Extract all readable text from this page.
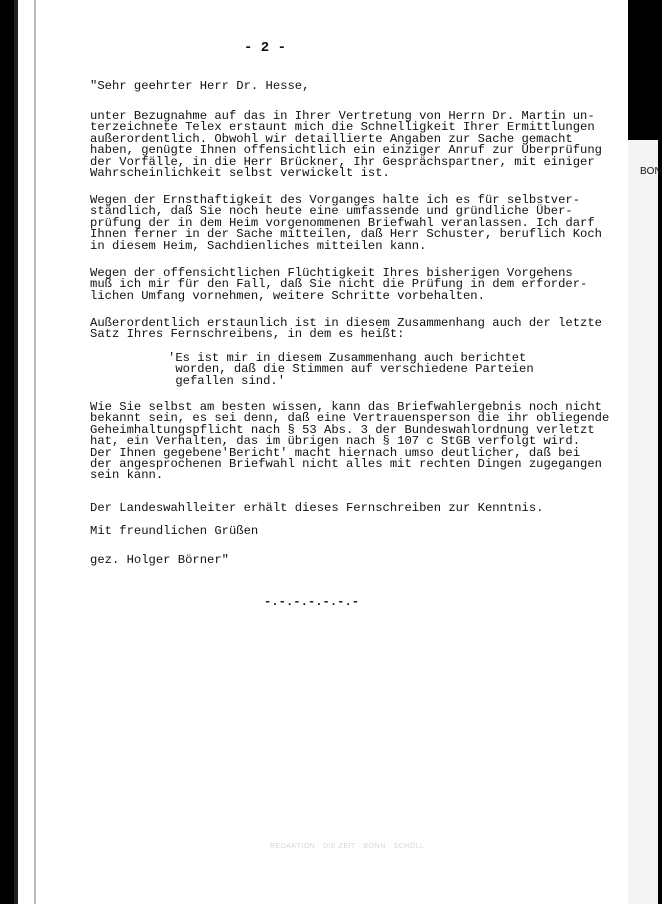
BON
- 2 -
"Sehr geehrter Herr Dr. Hesse,
unter Bezugnahme auf das in Ihrer Vertretung von Herrn Dr. Martin un-
terzeichnete Telex erstaunt mich die Schnelligkeit Ihrer Ermittlungen
außerordentlich. Obwohl wir detaillierte Angaben zur Sache gemacht
haben, genügte Ihnen offensichtlich ein einziger Anruf zur Überprüfung
der Vorfälle, in die Herr Brückner, Ihr Gesprächspartner, mit einiger
Wahrscheinlichkeit selbst verwickelt ist.
Wegen der Ernsthaftigkeit des Vorganges halte ich es für selbstver-
ständlich, daß Sie noch heute eine umfassende und gründliche Über-
prüfung der in dem Heim vorgenommenen Briefwahl veranlassen. Ich darf
Ihnen ferner in der Sache mitteilen, daß Herr Schuster, beruflich Koch
in diesem Heim, Sachdienliches mitteilen kann.
Wegen der offensichtlichen Flüchtigkeit Ihres bisherigen Vorgehens
muß ich mir für den Fall, daß Sie nicht die Prüfung in dem erforder-
lichen Umfang vornehmen, weitere Schritte vorbehalten.
Außerordentlich erstaunlich ist in diesem Zusammenhang auch der letzte
Satz Ihres Fernschreibens, in dem es heißt:
'Es ist mir in diesem Zusammenhang auch berichtet
worden, daß die Stimmen auf verschiedene Parteien
gefallen sind.'
Wie Sie selbst am besten wissen, kann das Briefwahlergebnis noch nicht
bekannt sein, es sei denn, daß eine Vertrauensperson die ihr obliegende
Geheimhaltungspflicht nach § 53 Abs. 3 der Bundeswahlordnung verletzt
hat, ein Verhalten, das im übrigen nach § 107 c StGB verfolgt wird.
Der Ihnen gegebene'Bericht' macht hiernach umso deutlicher, daß bei
der angesprochenen Briefwahl nicht alles mit rechten Dingen zugegangen
sein kann.
Der Landeswahlleiter erhält dieses Fernschreiben zur Kenntnis.
Mit freundlichen Grüßen
gez. Holger Börner"
-.-.-.-.-.-.-
REDAKTION · DIE ZEIT · BONN · SCHÖLL
